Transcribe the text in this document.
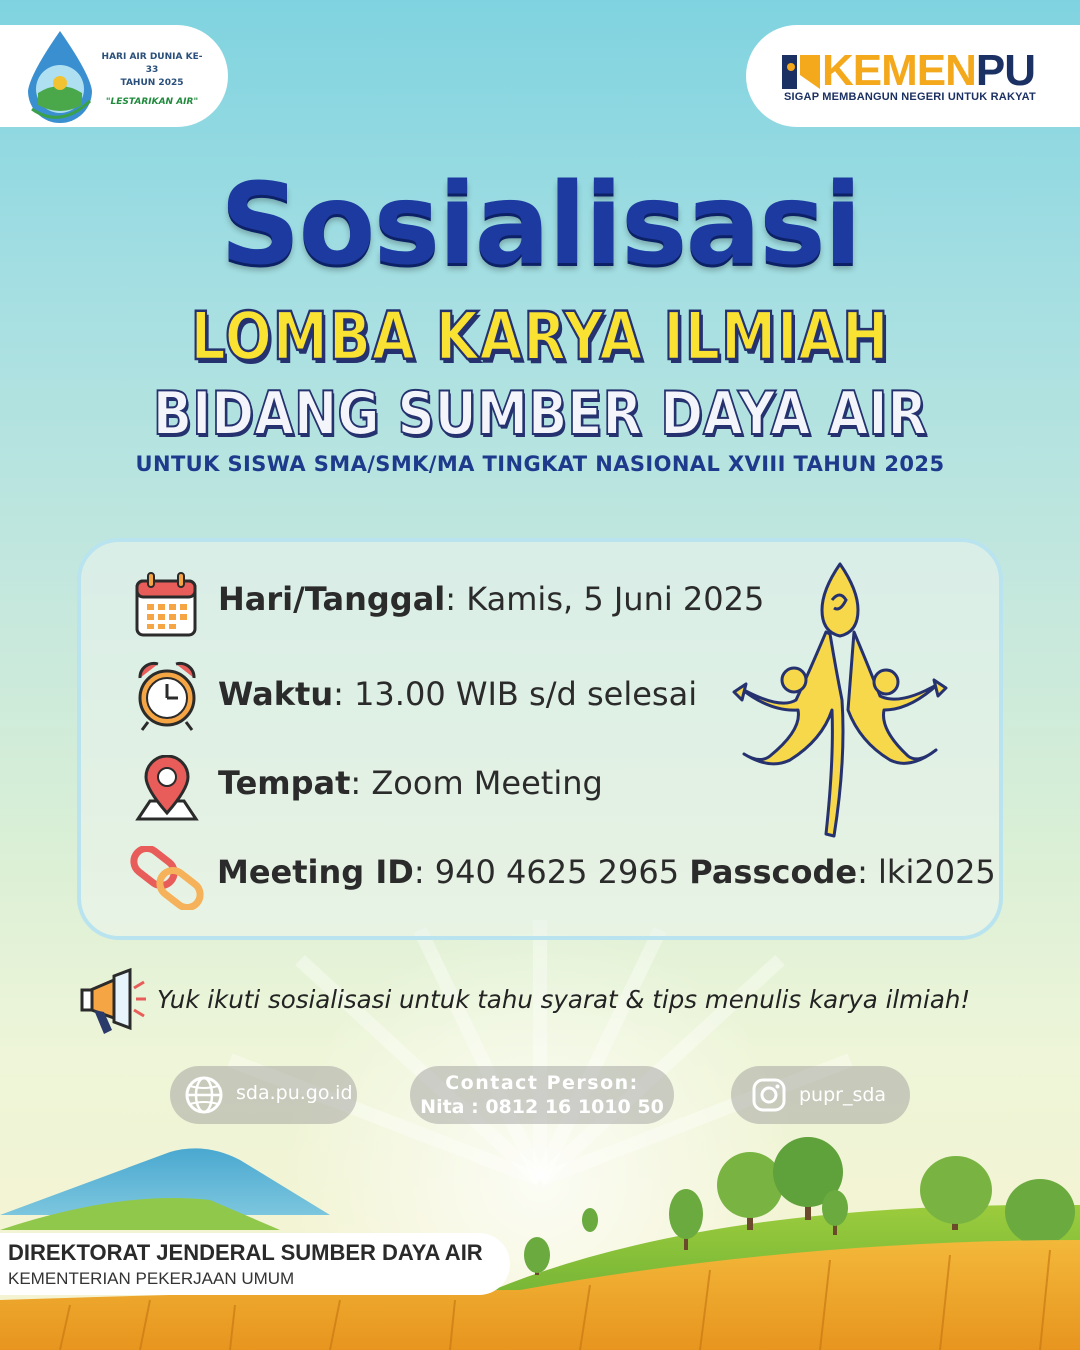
HARI AIR DUNIA KE-33
TAHUN 2025
"LESTARIKAN AIR"
KEMENPU
SIGAP MEMBANGUN NEGERI UNTUK RAKYAT
Sosialisasi
LOMBA KARYA ILMIAH
BIDANG SUMBER DAYA AIR
UNTUK SISWA SMA/SMK/MA TINGKAT NASIONAL XVIII TAHUN 2025
Hari/Tanggal: Kamis, 5 Juni 2025
Waktu: 13.00 WIB s/d selesai
Tempat: Zoom Meeting
Meeting ID: 940 4625 2965 Passcode: lki2025
Yuk ikuti sosialisasi untuk tahu syarat & tips menulis karya ilmiah!
sda.pu.go.id	Contact Person:
Nita : 0812 16 1010 50
pupr_sda
DIREKTORAT JENDERAL SUMBER DAYA AIR
KEMENTERIAN PEKERJAAN UMUM
